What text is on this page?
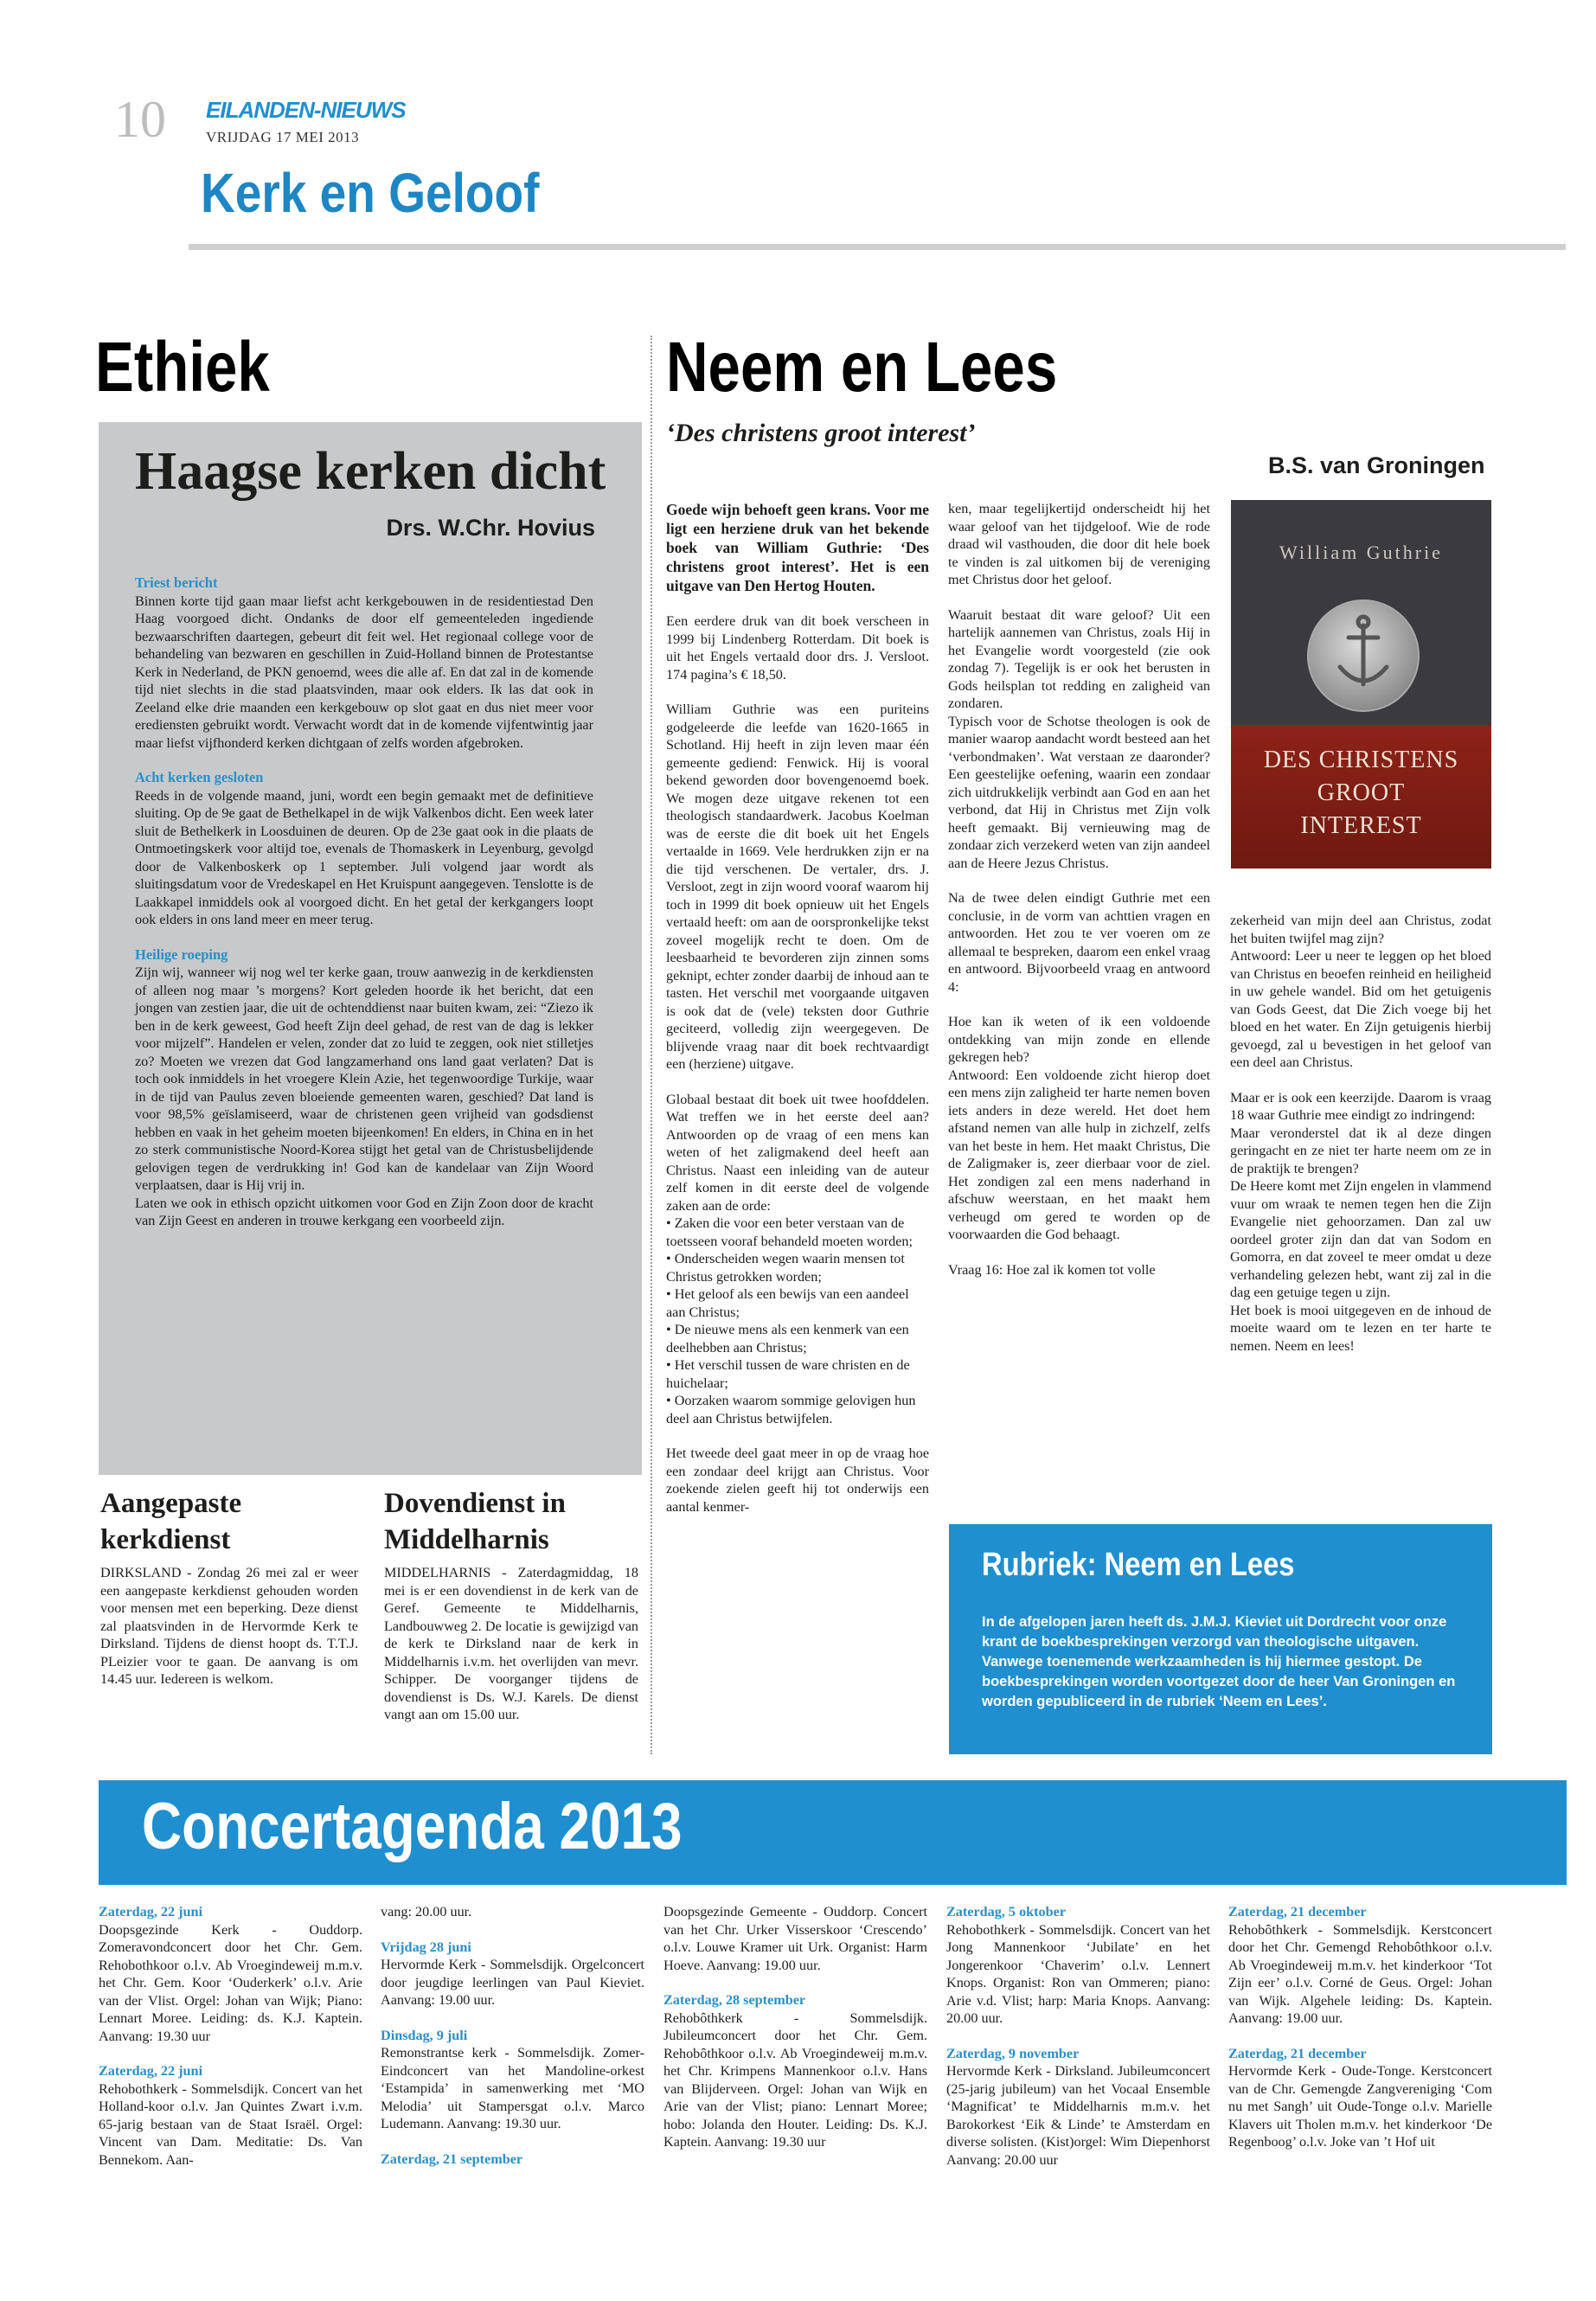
10 EILANDEN-NIEUWS
VRIJDAG 17 MEI 2013
Kerk en Geloof
Ethiek
Haagse kerken dicht
Drs. W.Chr. Hovius

Triest bericht

Binnen korte tijd gaan maar liefst acht kerkgebouwen in de residentiestad Den Haag voorgoed dicht. Ondanks de door elf gemeenteleden ingediende bezwaarschriften daartegen, gebeurt dit feit wel. Het regionaal college voor de behandeling van bezwaren en geschillen in Zuid-Holland binnen de Protestantse Kerk in Nederland, de PKN genoemd, wees die alle af. En dat zal in de komende tijd niet slechts in die stad plaatsvinden, maar ook elders. Ik las dat ook in Zeeland elke drie maanden een kerkgebouw op slot gaat en dus niet meer voor erediensten gebruikt wordt. Verwacht wordt dat in de komende vijfentwintig jaar maar liefst vijfhonderd kerken dichtgaan of zelfs worden afgebroken.

Acht kerken gesloten

Reeds in de volgende maand, juni, wordt een begin gemaakt met de definitieve sluiting. Op de 9e gaat de Bethelkapel in de wijk Valkenbos dicht. Een week later sluit de Bethelkerk in Loosduinen de deuren. Op de 23e gaat ook in die plaats de Ontmoetingskerk voor altijd toe, evenals de Thomaskerk in Leyenburg, gevolgd door de Valkenboskerk op 1 september. Juli volgend jaar wordt als sluitingsdatum voor de Vredeskapel en Het Kruispunt aangegeven. Tenslotte is de Laakkapel inmiddels ook al voorgoed dicht. En het getal der kerkgangers loopt ook elders in ons land meer en meer terug.

Heilige roeping

Zijn wij, wanneer wij nog wel ter kerke gaan, trouw aanwezig in de kerkdiensten of alleen nog maar ’s morgens? Kort geleden hoorde ik het bericht, dat een jongen van zestien jaar, die uit de ochtenddienst naar buiten kwam, zei: “Ziezo ik ben in de kerk geweest, God heeft Zijn deel gehad, de rest van de dag is lekker voor mijzelf”. Handelen er velen, zonder dat zo luid te zeggen, ook niet stilletjes zo? Moeten we vrezen dat God langzamerhand ons land gaat verlaten? Dat is toch ook inmiddels in het vroegere Klein Azie, het tegenwoordige Turkije, waar in de tijd van Paulus zeven bloeiende gemeenten waren, geschied? Dat land is voor 98,5% geïslamiseerd, waar de christenen geen vrijheid van godsdienst hebben en vaak in het geheim moeten bijeenkomen! En elders, in China en in het zo sterk communistische Noord-Korea stijgt het getal van de Christusbelijdende gelovigen tegen de verdrukking in! God kan de kandelaar van Zijn Woord verplaatsen, daar is Hij vrij in.

Laten we ook in ethisch opzicht uitkomen voor God en Zijn Zoon door de kracht van Zijn Geest en anderen in trouwe kerkgang een voorbeeld zijn.

Aangepaste kerkdienst
DIRKSLAND - Zondag 26 mei zal er weer een aangepaste kerkdienst gehouden worden voor mensen met een beperking. Deze dienst zal plaatsvinden in de Hervormde Kerk te Dirksland. Tijdens de dienst hoopt ds. T.T.J. PLeizier voor te gaan. De aanvang is om 14.45 uur. Iedereen is welkom.
Dovendienst in Middelharnis
MIDDELHARNIS - Zaterdagmiddag, 18 mei is er een dovendienst in de kerk van de Geref. Gemeente te Middelharnis, Landbouwweg 2. De locatie is gewijzigd van de kerk te Dirksland naar de kerk in Middelharnis i.v.m. het overlijden van mevr. Schipper. De voorganger tijdens de dovendienst is Ds. W.J. Karels. De dienst vangt aan om 15.00 uur.
Neem en Lees
‘Des christens groot interest’
B.S. van Groningen

Goede wijn behoeft geen krans. Voor me ligt een herziene druk van het bekende boek van William Guthrie: ‘Des christens groot interest’. Het is een uitgave van Den Hertog Houten.

Een eerdere druk van dit boek verscheen in 1999 bij Lindenberg Rotterdam. Dit boek is uit het Engels vertaald door drs. J. Versloot. 174 pagina’s € 18,50.

William Guthrie was een puriteins godgeleerde die leefde van 1620-1665 in Schotland. Hij heeft in zijn leven maar één gemeente gediend: Fenwick. Hij is vooral bekend geworden door bovengenoemd boek. We mogen deze uitgave rekenen tot een theologisch standaardwerk. Jacobus Koelman was de eerste die dit boek uit het Engels vertaalde in 1669. Vele herdrukken zijn er na die tijd verschenen. De vertaler, drs. J. Versloot, zegt in zijn woord vooraf waarom hij toch in 1999 dit boek opnieuw uit het Engels vertaald heeft: om aan de oorspronkelijke tekst zoveel mogelijk recht te doen. Om de leesbaarheid te bevorderen zijn zinnen soms geknipt, echter zonder daarbij de inhoud aan te tasten. Het verschil met voorgaande uitgaven is ook dat de (vele) teksten door Guthrie geciteerd, volledig zijn weergegeven. De blijvende vraag naar dit boek rechtvaardigt een (herziene) uitgave.

Globaal bestaat dit boek uit twee hoofddelen. Wat treffen we in het eerste deel aan? Antwoorden op de vraag of een mens kan weten of het zaligmakend deel heeft aan Christus. Naast een inleiding van de auteur zelf komen in dit eerste deel de volgende zaken aan de orde:

• Zaken die voor een beter verstaan van de toetsseen vooraf behandeld moeten worden;

• Onderscheiden wegen waarin mensen tot Christus getrokken worden;

• Het geloof als een bewijs van een aandeel aan Christus;

• De nieuwe mens als een kenmerk van een deelhebben aan Christus;

• Het verschil tussen de ware christen en de huichelaar;

• Oorzaken waarom sommige gelovigen hun deel aan Christus betwijfelen.

Het tweede deel gaat meer in op de vraag hoe een zondaar deel krijgt aan Christus. Voor zoekende zielen geeft hij tot onderwijs een aantal kenmer-

ken, maar tegelijkertijd onderscheidt hij het waar geloof van het tijdgeloof. Wie de rode draad wil vasthouden, die door dit hele boek te vinden is zal uitkomen bij de vereniging met Christus door het geloof.

Waaruit bestaat dit ware geloof? Uit een hartelijk aannemen van Christus, zoals Hij in het Evangelie wordt voorgesteld (zie ook zondag 7). Tegelijk is er ook het berusten in Gods heilsplan tot redding en zaligheid van zondaren.

Typisch voor de Schotse theologen is ook de manier waarop aandacht wordt besteed aan het ‘verbondmaken’. Wat verstaan ze daaronder? Een geestelijke oefening, waarin een zondaar zich uitdrukkelijk verbindt aan God en aan het verbond, dat Hij in Christus met Zijn volk heeft gemaakt. Bij vernieuwing mag de zondaar zich verzekerd weten van zijn aandeel aan de Heere Jezus Christus.

Na de twee delen eindigt Guthrie met een conclusie, in de vorm van achttien vragen en antwoorden. Het zou te ver voeren om ze allemaal te bespreken, daarom een enkel vraag en antwoord. Bijvoorbeeld vraag en antwoord 4:

Hoe kan ik weten of ik een voldoende ontdekking van mijn zonde en ellende gekregen heb?

Antwoord: Een voldoende zicht hierop doet een mens zijn zaligheid ter harte nemen boven iets anders in deze wereld. Het doet hem afstand nemen van alle hulp in zichzelf, zelfs van het beste in hem. Het maakt Christus, Die de Zaligmaker is, zeer dierbaar voor de ziel. Het zondigen zal een mens naderhand in afschuw weerstaan, en het maakt hem verheugd om gered te worden op de voorwaarden die God behaagt.

Vraag 16: Hoe zal ik komen tot volle

William Guthrie
DES CHRISTENS
GROOT
INTEREST

zekerheid van mijn deel aan Christus, zodat het buiten twijfel mag zijn?

Antwoord: Leer u neer te leggen op het bloed van Christus en beoefen reinheid en heiligheid in uw gehele wandel. Bid om het getuigenis van Gods Geest, dat Die Zich voege bij het bloed en het water. En Zijn getuigenis hierbij gevoegd, zal u bevestigen in het geloof van een deel aan Christus.

Maar er is ook een keerzijde. Daarom is vraag 18 waar Guthrie mee eindigt zo indringend:

Maar veronderstel dat ik al deze dingen geringacht en ze niet ter harte neem om ze in de praktijk te brengen?

De Heere komt met Zijn engelen in vlammend vuur om wraak te nemen tegen hen die Zijn Evangelie niet gehoorzamen. Dan zal uw oordeel groter zijn dan dat van Sodom en Gomorra, en dat zoveel te meer omdat u deze verhandeling gelezen hebt, want zij zal in die dag een getuige tegen u zijn.

Het boek is mooi uitgegeven en de inhoud de moeite waard om te lezen en ter harte te nemen. Neem en lees!

Rubriek: Neem en Lees
In de afgelopen jaren heeft ds. J.M.J. Kieviet uit Dordrecht voor onze krant de boekbesprekingen verzorgd van theologische uitgaven. Vanwege toenemende werkzaamheden is hij hiermee gestopt. De boekbesprekingen worden voortgezet door de heer Van Groningen en worden gepubliceerd in de rubriek ‘Neem en Lees’.
Concertagenda 2013

Zaterdag, 22 juni

Doopsgezinde Kerk - Ouddorp. Zomeravondconcert door het Chr. Gem. Rehobothkoor o.l.v. Ab Vroegindeweij m.m.v. het Chr. Gem. Koor ‘Ouderkerk’ o.l.v. Arie van der Vlist. Orgel: Johan van Wijk; Piano: Lennart Moree. Leiding: ds. K.J. Kaptein. Aanvang: 19.30 uur

Zaterdag, 22 juni

Rehobothkerk - Sommelsdijk. Concert van het Holland-koor o.l.v. Jan Quintes Zwart i.v.m. 65-jarig bestaan van de Staat Israël. Orgel: Vincent van Dam. Meditatie: Ds. Van Bennekom. Aan-

vang: 20.00 uur.

Vrijdag 28 juni

Hervormde Kerk - Sommelsdijk. Orgelconcert door jeugdige leerlingen van Paul Kieviet. Aanvang: 19.00 uur.

Dinsdag, 9 juli

Remonstrantse kerk - Sommelsdijk. Zomer-Eindconcert van het Mandoline-orkest ‘Estampida’ in samenwerking met ‘MO Melodia’ uit Stampersgat o.l.v. Marco Ludemann. Aanvang: 19.30 uur.

Zaterdag, 21 september

Doopsgezinde Gemeente - Ouddorp. Concert van het Chr. Urker Visserskoor ‘Crescendo’ o.l.v. Louwe Kramer uit Urk. Organist: Harm Hoeve. Aanvang: 19.00 uur.

Zaterdag, 28 september

Rehobôthkerk - Sommelsdijk. Jubileumconcert door het Chr. Gem. Rehobôthkoor o.l.v. Ab Vroegindeweij m.m.v. het Chr. Krimpens Mannenkoor o.l.v. Hans van Blijderveen. Orgel: Johan van Wijk en Arie van der Vlist; piano: Lennart Moree; hobo: Jolanda den Houter. Leiding: Ds. K.J. Kaptein. Aanvang: 19.30 uur

Zaterdag, 5 oktober

Rehobothkerk - Sommelsdijk. Concert van het Jong Mannenkoor ‘Jubilate’ en het Jongerenkoor ‘Chaverim’ o.l.v. Lennert Knops. Organist: Ron van Ommeren; piano: Arie v.d. Vlist; harp: Maria Knops. Aanvang: 20.00 uur.

Zaterdag, 9 november

Hervormde Kerk - Dirksland. Jubileumconcert (25-jarig jubileum) van het Vocaal Ensemble ‘Magnificat’ te Middelharnis m.m.v. het Barokorkest ‘Eik & Linde’ te Amsterdam en diverse solisten. (Kist)orgel: Wim Diepenhorst Aanvang: 20.00 uur

Zaterdag, 21 december

Rehobôthkerk - Sommelsdijk. Kerstconcert door het Chr. Gemengd Rehobôthkoor o.l.v. Ab Vroegindeweij m.m.v. het kinderkoor ‘Tot Zijn eer’ o.l.v. Corné de Geus. Orgel: Johan van Wijk. Algehele leiding: Ds. Kaptein. Aanvang: 19.00 uur.

Zaterdag, 21 december

Hervormde Kerk - Oude-Tonge. Kerstconcert van de Chr. Gemengde Zangvereniging ‘Com nu met Sangh’ uit Oude-Tonge o.l.v. Marielle Klavers uit Tholen m.m.v. het kinderkoor ‘De Regenboog’ o.l.v. Joke van ’t Hof uit
